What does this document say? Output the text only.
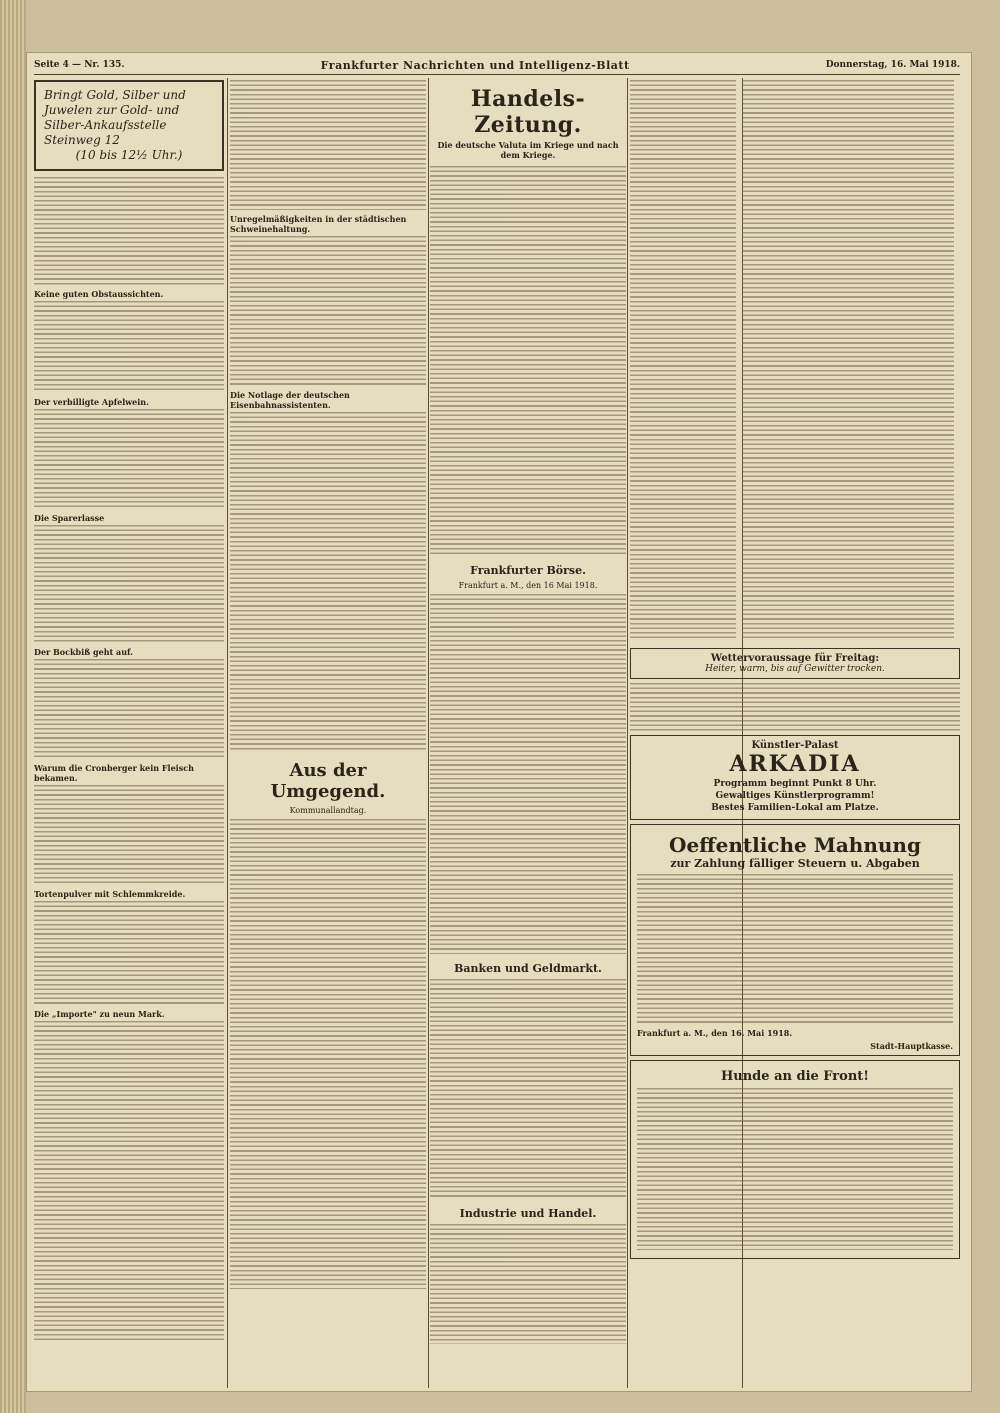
Seite 4 — Nr. 135.	Frankfurter Nachrichten und Intelligenz-Blatt	Donnerstag, 16. Mai 1918.
Bringt Gold, Silber und
Juwelen zur Gold- und
Silber-Ankaufsstelle Steinweg 12
(10 bis 12½ Uhr.)
Keine guten Obstaussichten.
Der verbilligte Apfelwein.
Die Sparerlasse
Der Bockbiß geht auf.
Warum die Cronberger kein Fleisch bekamen.
Tortenpulver mit Schlemmkreide.
Die „Importe" zu neun Mark.
Unregelmäßigkeiten in der städtischen Schweinehaltung.
Die Notlage der deutschen Eisenbahnassistenten.
Aus der Umgegend.
Kommunallandtag.
Handels-Zeitung.
Die deutsche Valuta im Kriege und nach dem Kriege.
Frankfurter Börse.
Frankfurt a. M., den 16 Mai 1918.
Banken und Geldmarkt.
Industrie und Handel.
Wettervoraussage für Freitag:
Heiter, warm, bis auf Gewitter trocken.
Künstler-Palast
ARKADIA
Programm beginnt Punkt 8 Uhr.
Gewaltiges Künstlerprogramm!
Bestes Familien-Lokal am Platze.
Oeffentliche Mahnung
zur Zahlung fälliger Steuern u. Abgaben
Frankfurt a. M., den 16. Mai 1918.
Stadt-Hauptkasse.
Hunde an die Front!
